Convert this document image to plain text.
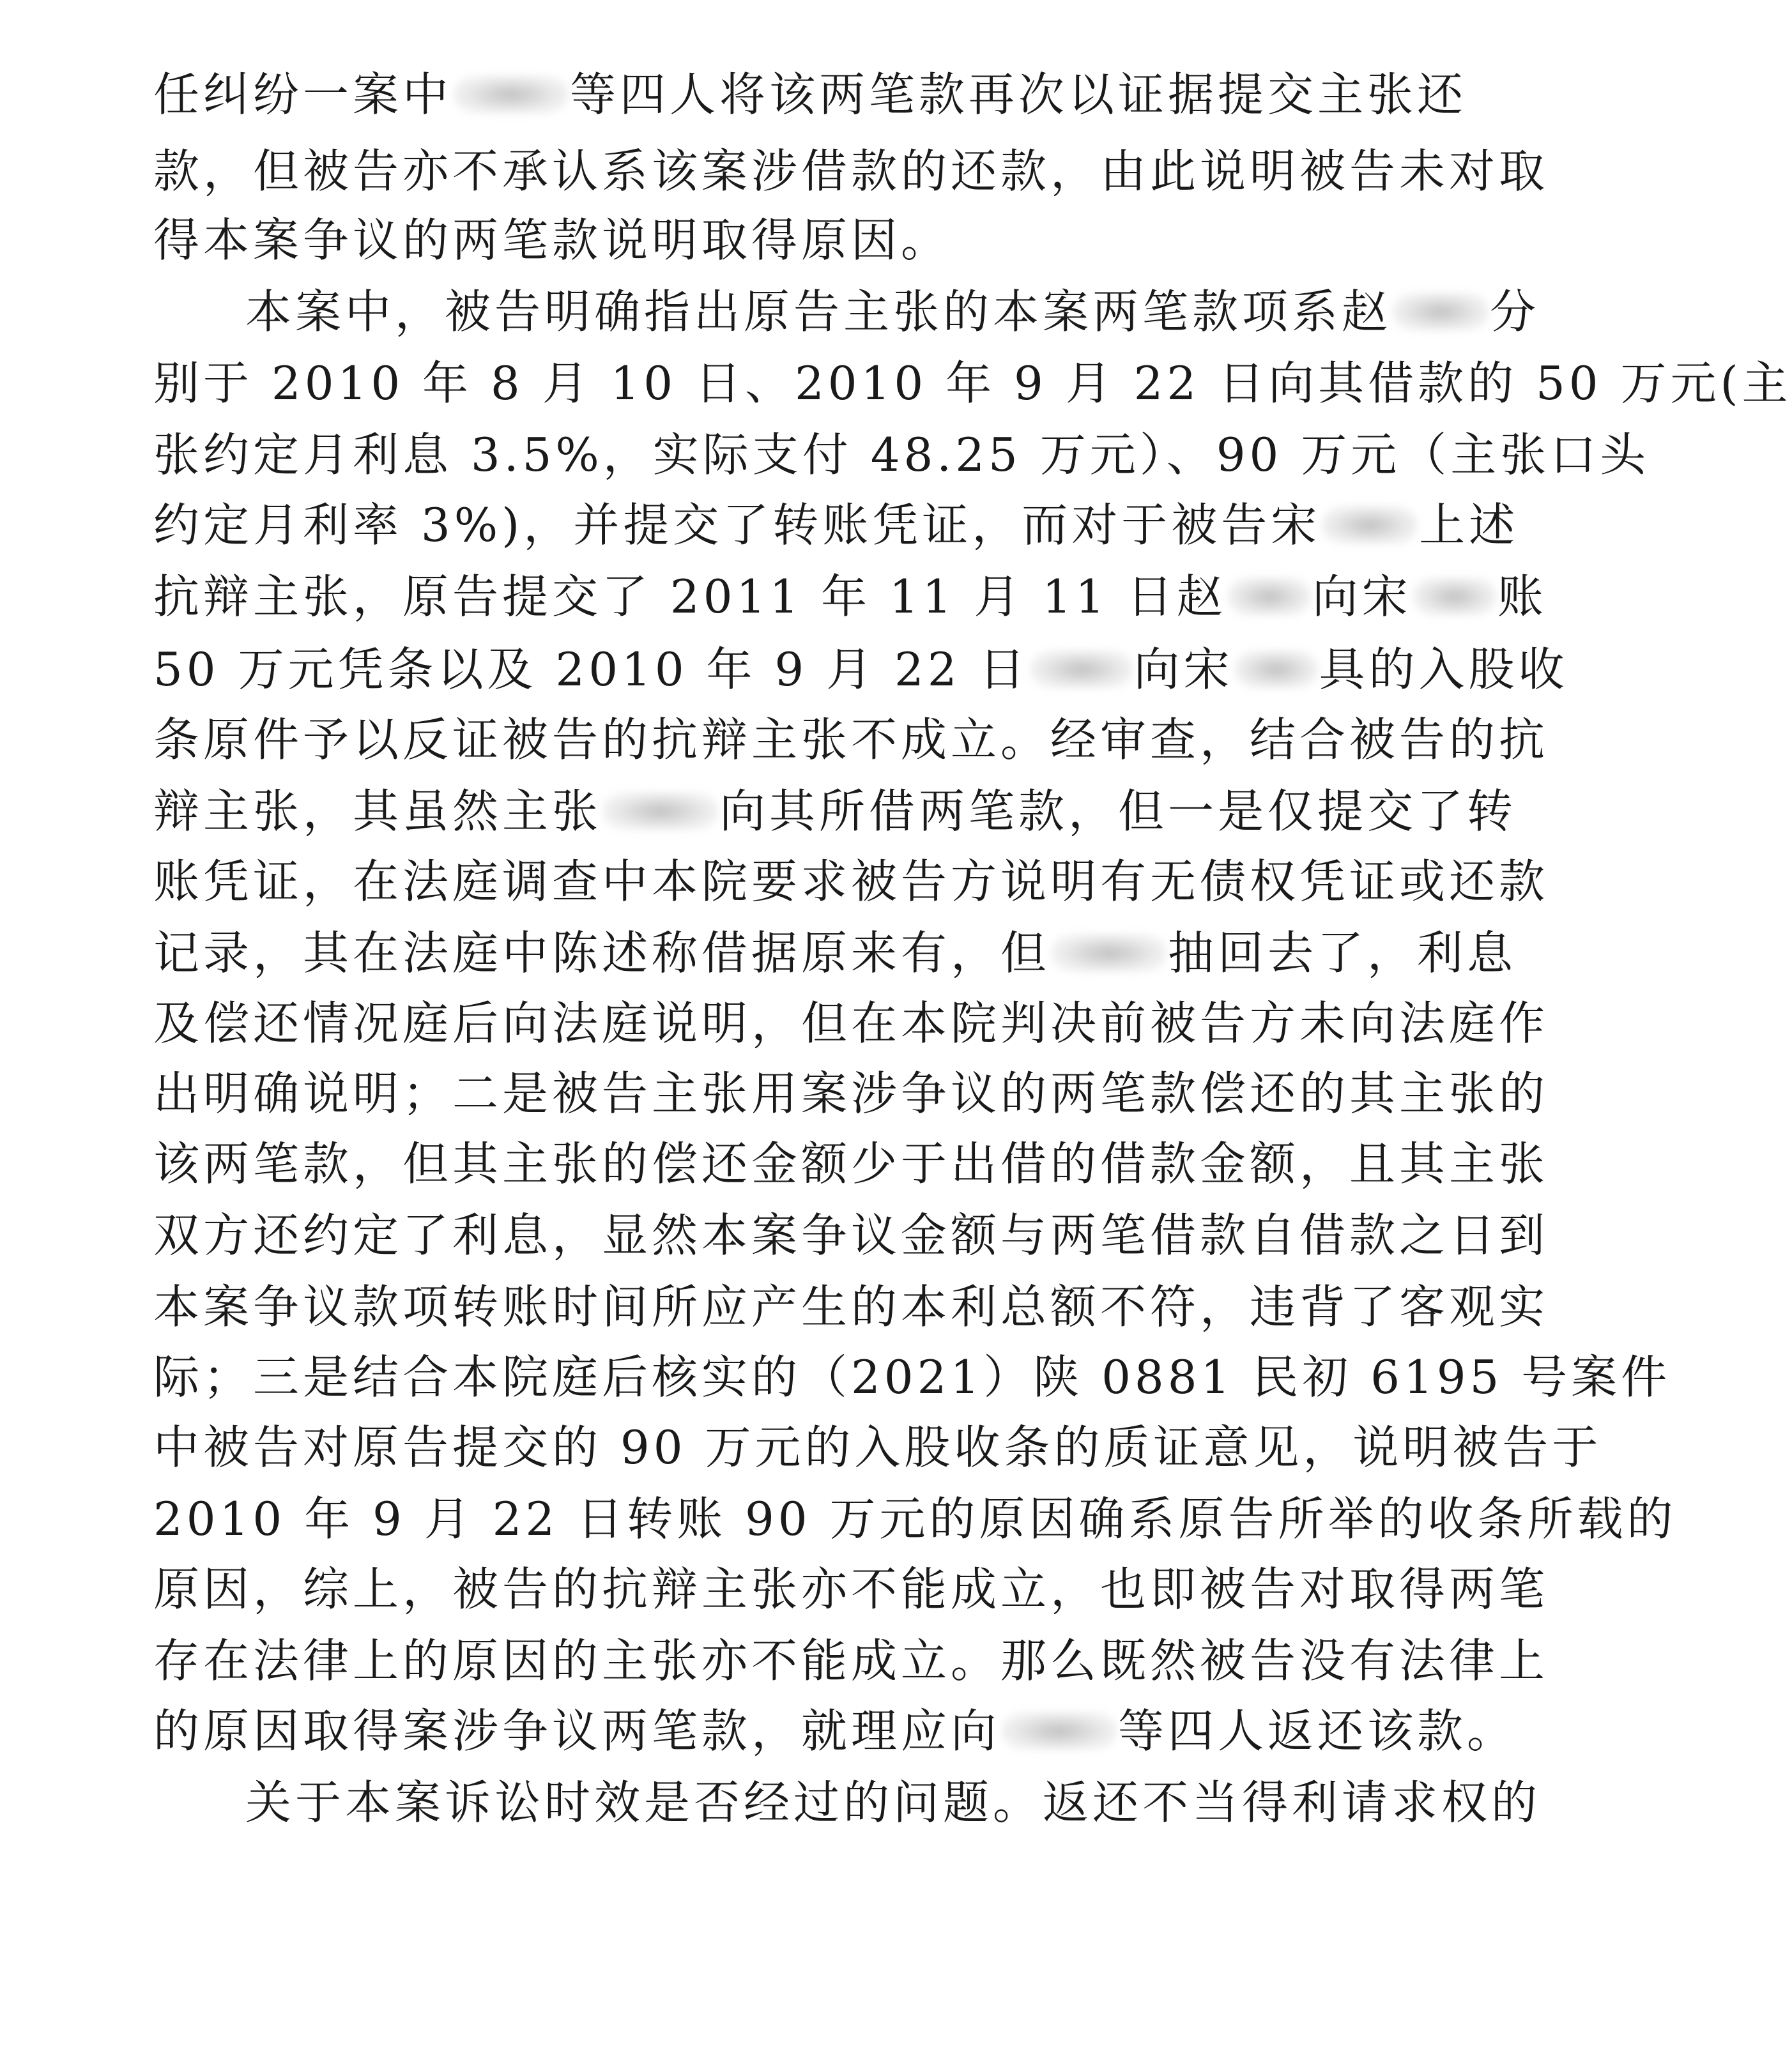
任纠纷一案中	等四人将该两笔款再次以证据提交主张还
款，但被告亦不承认系该案涉借款的还款，由此说明被告未对取
得本案争议的两笔款说明取得原因。
本案中，被告明确指出原告主张的本案两笔款项系赵 分
别于 2010 年 8 月 10 日、2010 年 9 月 22 日向其借款的 50 万元(主
张约定月利息 3.5%，实际支付 48.25 万元）、90 万元（主张口头
约定月利率 3%)，并提交了转账凭证，而对于被告宋 上述
抗辩主张，原告提交了 2011 年 11 月 11 日赵 向宋 账
50 万元凭条以及 2010 年 9 月 22 日 向宋 具的入股收
条原件予以反证被告的抗辩主张不成立。经审查，结合被告的抗
辩主张，其虽然主张	向其所借两笔款，但一是仅提交了转
账凭证，在法庭调查中本院要求被告方说明有无债权凭证或还款
记录，其在法庭中陈述称借据原来有，但	抽回去了，利息
及偿还情况庭后向法庭说明，但在本院判决前被告方未向法庭作
出明确说明；二是被告主张用案涉争议的两笔款偿还的其主张的
该两笔款，但其主张的偿还金额少于出借的借款金额，且其主张
双方还约定了利息，显然本案争议金额与两笔借款自借款之日到
本案争议款项转账时间所应产生的本利总额不符，违背了客观实
际；三是结合本院庭后核实的（2021）陕 0881 民初 6195 号案件
中被告对原告提交的 90 万元的入股收条的质证意见，说明被告于
2010 年 9 月 22 日转账 90 万元的原因确系原告所举的收条所载的
原因，综上，被告的抗辩主张亦不能成立，也即被告对取得两笔
存在法律上的原因的主张亦不能成立。那么既然被告没有法律上
的原因取得案涉争议两笔款，就理应向	等四人返还该款。
关于本案诉讼时效是否经过的问题。返还不当得利请求权的
